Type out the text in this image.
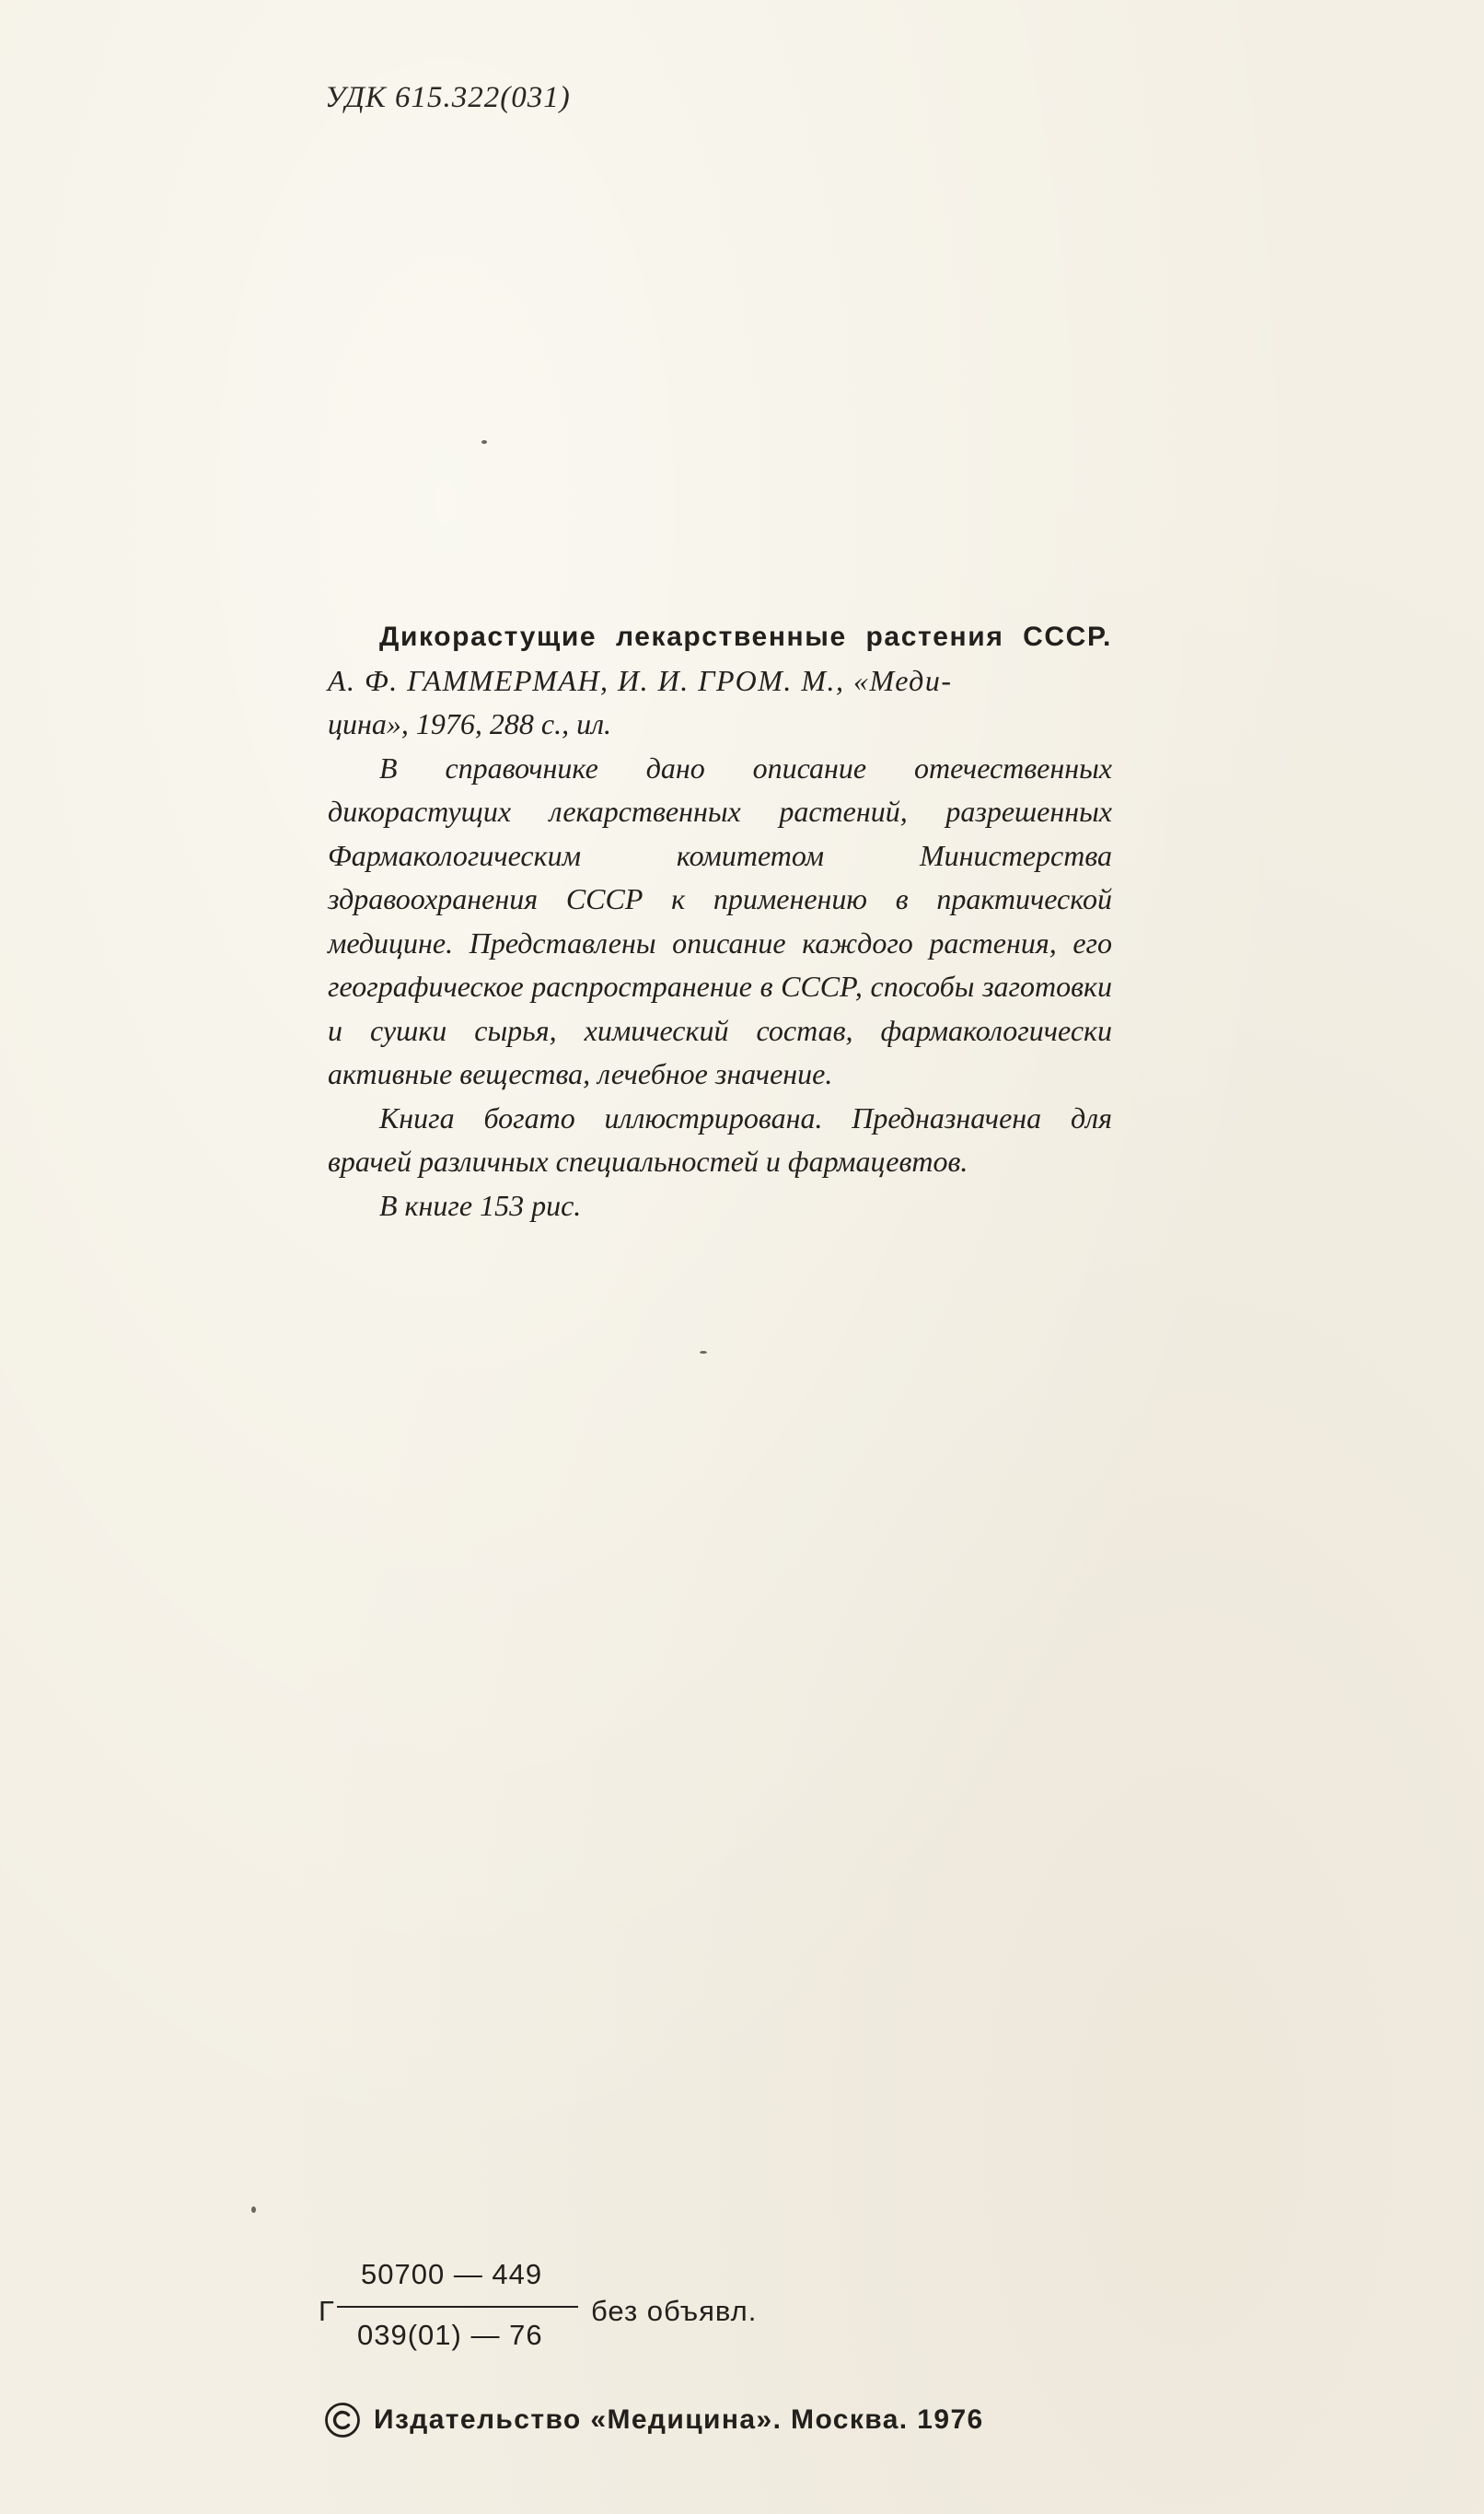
УДК 615.322(031)

Дикорастущие лекарственные растения СССР.

А. Ф. ГАММЕРМАН, И. И. ГРОМ. М., «Меди-

цина», 1976, 288 с., ил.

В справочнике дано описание отечественных дикорастущих лекарственных растений, разрешенных Фармакологическим комитетом Министерства здравоохранения СССР к применению в практической медицине. Представлены описание каждого растения, его географическое распространение в СССР, способы заготовки и сушки сырья, химический состав, фармакологически активные вещества, лечебное значение.

Книга богато иллюстрирована. Предназначена для врачей различных специальностей и фармацевтов.

В книге 153 рис.

Г
50700 — 449
039(01) — 76
без объявл.
Издательство «Медицина». Москва. 1976
